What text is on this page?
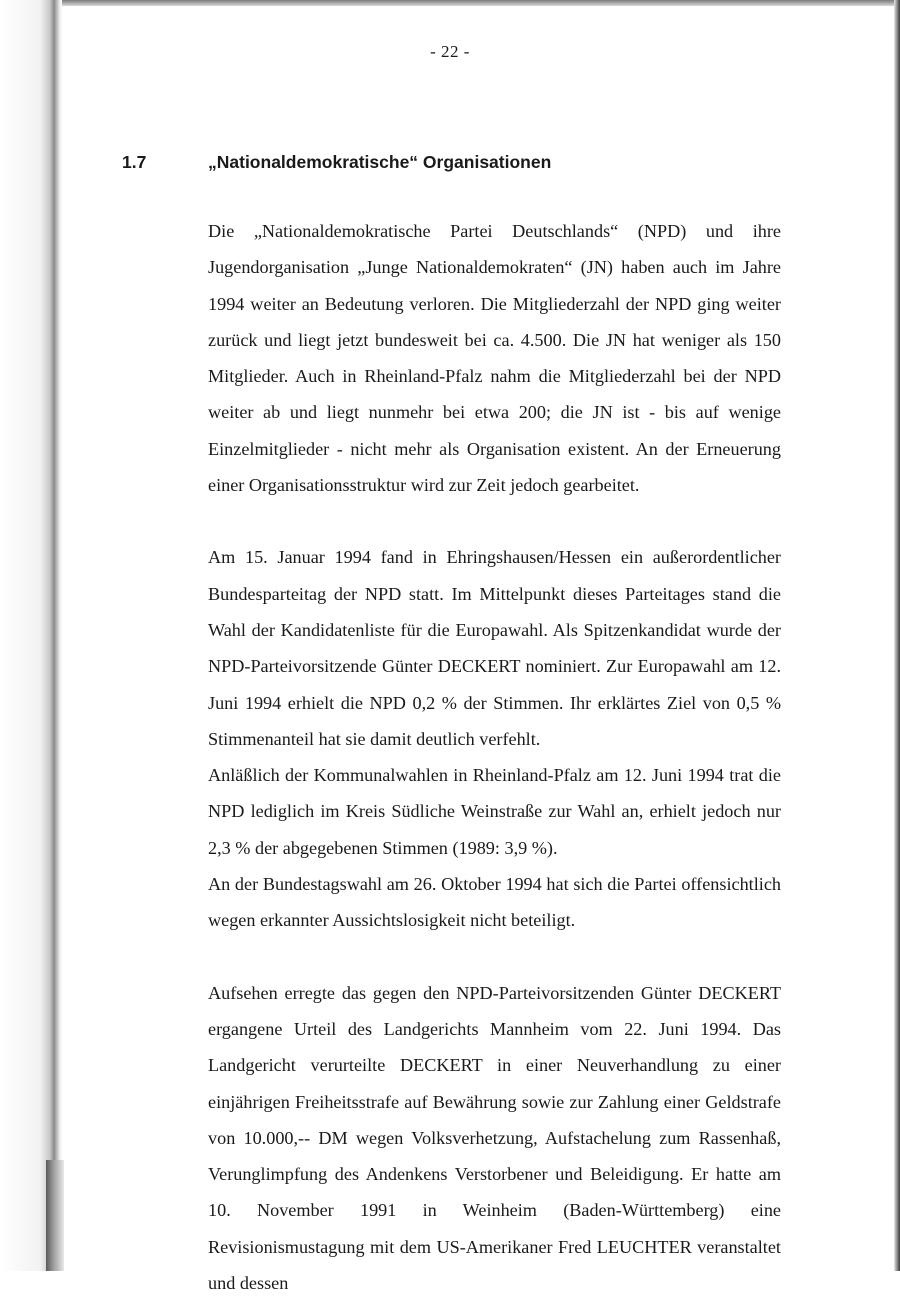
- 22 -
1.7	„Nationaldemokratische“ Organisationen

Die „Nationaldemokratische Partei Deutschlands“ (NPD) und ihre Jugendorganisation „Junge Nationaldemokraten“ (JN) haben auch im Jahre 1994 weiter an Bedeutung verloren. Die Mitgliederzahl der NPD ging weiter zurück und liegt jetzt bundesweit bei ca. 4.500. Die JN hat weniger als 150 Mitglieder. Auch in Rheinland-Pfalz nahm die Mitgliederzahl bei der NPD weiter ab und liegt nunmehr bei etwa 200; die JN ist - bis auf wenige Einzelmitglieder - nicht mehr als Organisation existent. An der Erneuerung einer Organisationsstruktur wird zur Zeit jedoch gearbeitet.

Am 15. Januar 1994 fand in Ehringshausen/Hessen ein außerordentlicher Bundesparteitag der NPD statt. Im Mittelpunkt dieses Parteitages stand die Wahl der Kandidatenliste für die Europawahl. Als Spitzenkandidat wurde der NPD-Parteivorsitzende Günter DECKERT nominiert. Zur Europawahl am 12. Juni 1994 erhielt die NPD 0,2 % der Stimmen. Ihr erklärtes Ziel von 0,5 % Stimmenanteil hat sie damit deutlich verfehlt.

Anläßlich der Kommunalwahlen in Rheinland-Pfalz am 12. Juni 1994 trat die NPD lediglich im Kreis Südliche Weinstraße zur Wahl an, erhielt jedoch nur 2,3 % der abgegebenen Stimmen (1989: 3,9 %).

An der Bundestagswahl am 26. Oktober 1994 hat sich die Partei offensichtlich wegen erkannter Aussichtslosigkeit nicht beteiligt.

Aufsehen erregte das gegen den NPD-Parteivorsitzenden Günter DECKERT ergangene Urteil des Landgerichts Mannheim vom 22. Juni 1994. Das Landgericht verurteilte DECKERT in einer Neuverhandlung zu einer einjährigen Freiheitsstrafe auf Bewährung sowie zur Zahlung einer Geldstrafe von 10.000,-- DM wegen Volksverhetzung, Aufstachelung zum Rassenhaß, Verunglimpfung des Andenkens Verstorbener und Beleidigung. Er hatte am 10. November 1991 in Weinheim (Baden-Württemberg) eine Revisionismustagung mit dem US-Amerikaner Fred LEUCHTER veranstaltet und dessen
